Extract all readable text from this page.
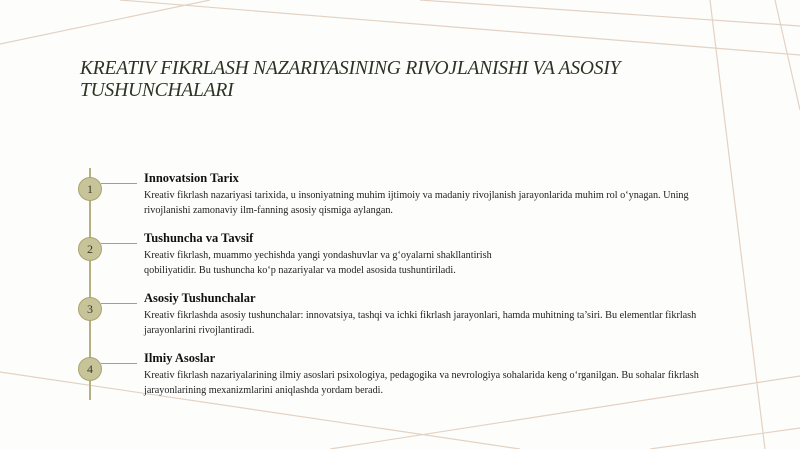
KREATIV FIKRLASH NAZARIYASINING RIVOJLANISHI VA ASOSIY TUSHUNCHALARI
1
Innovatsion Tarix
Kreativ fikrlash nazariyasi tarixida, u insoniyatning muhim ijtimoiy va madaniy rivojlanish jarayonlarida muhim rol o‘ynagan. Uning rivojlanishi zamonaviy ilm-fanning asosiy qismiga aylangan.
2
Tushuncha va Tavsif
Kreativ fikrlash, muammo yechishda yangi yondashuvlar va g‘oyalarni shakllantirish qobiliyatidir. Bu tushuncha ko‘p nazariyalar va model asosida tushuntiriladi.
3
Asosiy Tushunchalar
Kreativ fikrlashda asosiy tushunchalar: innovatsiya, tashqi va ichki fikrlash jarayonlari, hamda muhitning ta’siri. Bu elementlar fikrlash jarayonlarini rivojlantiradi.
4
Ilmiy Asoslar
Kreativ fikrlash nazariyalarining ilmiy asoslari psixologiya, pedagogika va nevrologiya sohalarida keng o‘rganilgan. Bu sohalar fikrlash jarayonlarining mexanizmlarini aniqlashda yordam beradi.
